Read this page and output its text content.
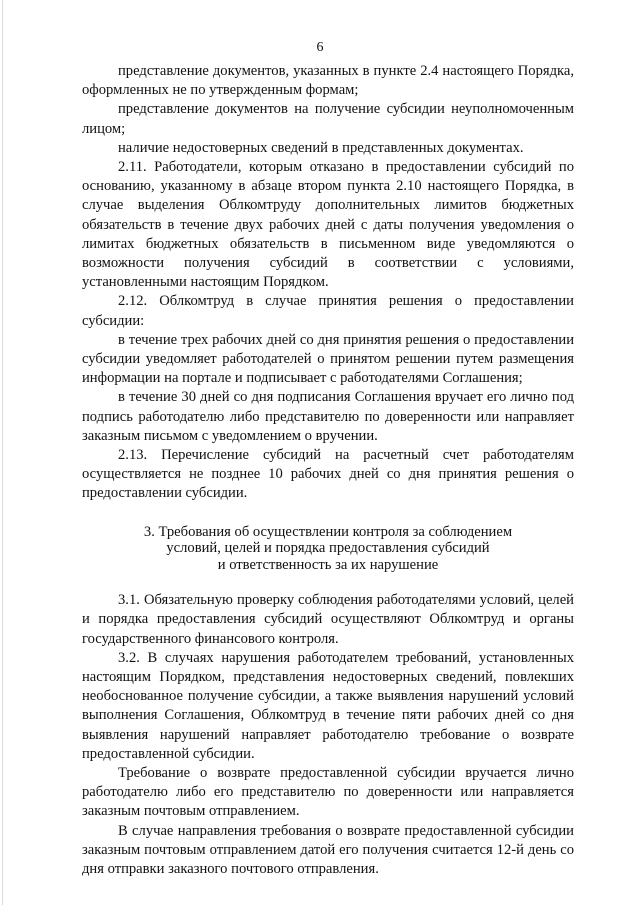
6

представление документов, указанных в пункте 2.4 настоящего Порядка, оформленных не по утвержденным формам;

представление документов на получение субсидии неуполномоченным лицом;

наличие недостоверных сведений в представленных документах.

2.11. Работодатели, которым отказано в предоставлении субсидий по основанию, указанному в абзаце втором пункта 2.10 настоящего Порядка, в случае выделения Облкомтруду дополнительных лимитов бюджетных обязательств в течение двух рабочих дней с даты получения уведомления о лимитах бюджетных обязательств в письменном виде уведомляются о возможности получения субсидий в соответствии с условиями, установленными настоящим Порядком.

2.12. Облкомтруд в случае принятия решения о предоставлении субсидии:

в течение трех рабочих дней со дня принятия решения о предоставлении субсидии уведомляет работодателей о принятом решении путем размещения информации на портале и подписывает с работодателями Соглашения;

в течение 30 дней со дня подписания Соглашения вручает его лично под подпись работодателю либо представителю по доверенности или направляет заказным письмом с уведомлением о вручении.

2.13. Перечисление субсидий на расчетный счет работодателям осуществляется не позднее 10 рабочих дней со дня принятия решения о предоставлении субсидии.

3. Требования об осуществлении контроля за соблюдением
условий, целей и порядка предоставления субсидий
и ответственность за их нарушение

3.1. Обязательную проверку соблюдения работодателями условий, целей и порядка предоставления субсидий осуществляют Облкомтруд и органы государственного финансового контроля.

3.2. В случаях нарушения работодателем требований, установленных настоящим Порядком, представления недостоверных сведений, повлекших необоснованное получение субсидии, а также выявления нарушений условий выполнения Соглашения, Облкомтруд в течение пяти рабочих дней со дня выявления нарушений направляет работодателю требование о возврате предоставленной субсидии.

Требование о возврате предоставленной субсидии вручается лично работодателю либо его представителю по доверенности или направляется заказным почтовым отправлением.

В случае направления требования о возврате предоставленной субсидии заказным почтовым отправлением датой его получения считается 12-й день со дня отправки заказного почтового отправления.
